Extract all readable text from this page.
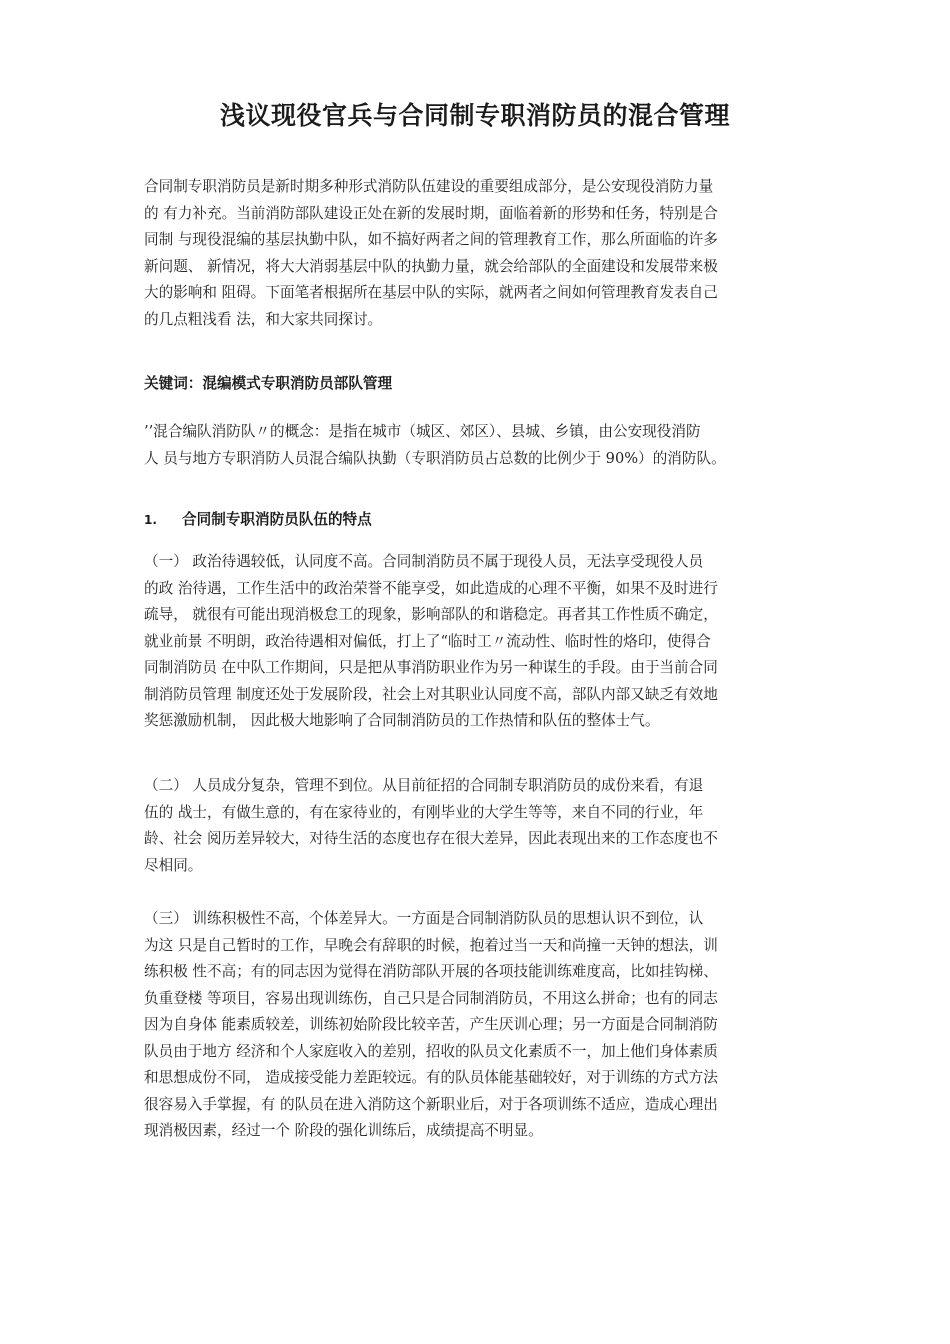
浅议现役官兵与合同制专职消防员的混合管理
合同制专职消防员是新时期多种形式消防队伍建设的重要组成部分，是公安现役消防力量
的 有力补充。当前消防部队建设正处在新的发展时期，面临着新的形势和任务，特别是合
同制 与现役混编的基层执勤中队，如不搞好两者之间的管理教育工作，那么所面临的许多
新问题、 新情况，将大大消弱基层中队的执勤力量，就会给部队的全面建设和发展带来极
大的影响和 阻碍。下面笔者根据所在基层中队的实际，就两者之间如何管理教育发表自己
的几点粗浅看 法，和大家共同探讨。
关键词：混编模式专职消防员部队管理
’’混合编队消防队〃的概念：是指在城市（城区、郊区）、县城、乡镇，由公安现役消防
人 员与地方专职消防人员混合编队执勤（专职消防员占总数的比例少于 90%）的消防队。
1. 合同制专职消防员队伍的特点
（一） 政治待遇较低，认同度不高。合同制消防员不属于现役人员，无法享受现役人员
的政 治待遇，工作生活中的政治荣誉不能享受，如此造成的心理不平衡，如果不及时进行
疏导， 就很有可能出现消极怠工的现象，影响部队的和谐稳定。再者其工作性质不确定，
就业前景 不明朗，政治待遇相对偏低，打上了“临时工〃流动性、临时性的烙印，使得合
同制消防员 在中队工作期间，只是把从事消防职业作为另一种谋生的手段。由于当前合同
制消防员管理 制度还处于发展阶段，社会上对其职业认同度不高，部队内部又缺乏有效地
奖惩激励机制， 因此极大地影响了合同制消防员的工作热情和队伍的整体士气。
（二） 人员成分复杂，管理不到位。从目前征招的合同制专职消防员的成份来看，有退
伍的 战士，有做生意的，有在家待业的，有刚毕业的大学生等等，来自不同的行业，年
龄、社会 阅历差异较大，对待生活的态度也存在很大差异，因此表现出来的工作态度也不
尽相同。
（三） 训练积极性不高，个体差异大。一方面是合同制消防队员的思想认识不到位，认
为这 只是自己暂时的工作，早晚会有辞职的时候，抱着过当一天和尚撞一天钟的想法，训
练积极 性不高；有的同志因为觉得在消防部队开展的各项技能训练难度高，比如挂钩梯、
负重登楼 等项目，容易出现训练伤，自己只是合同制消防员，不用这么拼命；也有的同志
因为自身体 能素质较差，训练初始阶段比较辛苦，产生厌训心理；另一方面是合同制消防
队员由于地方 经济和个人家庭收入的差别，招收的队员文化素质不一，加上他们身体素质
和思想成份不同， 造成接受能力差距较远。有的队员体能基础较好，对于训练的方式方法
很容易入手掌握，有 的队员在进入消防这个新职业后，对于各项训练不适应，造成心理出
现消极因素，经过一个 阶段的强化训练后，成绩提高不明显。
